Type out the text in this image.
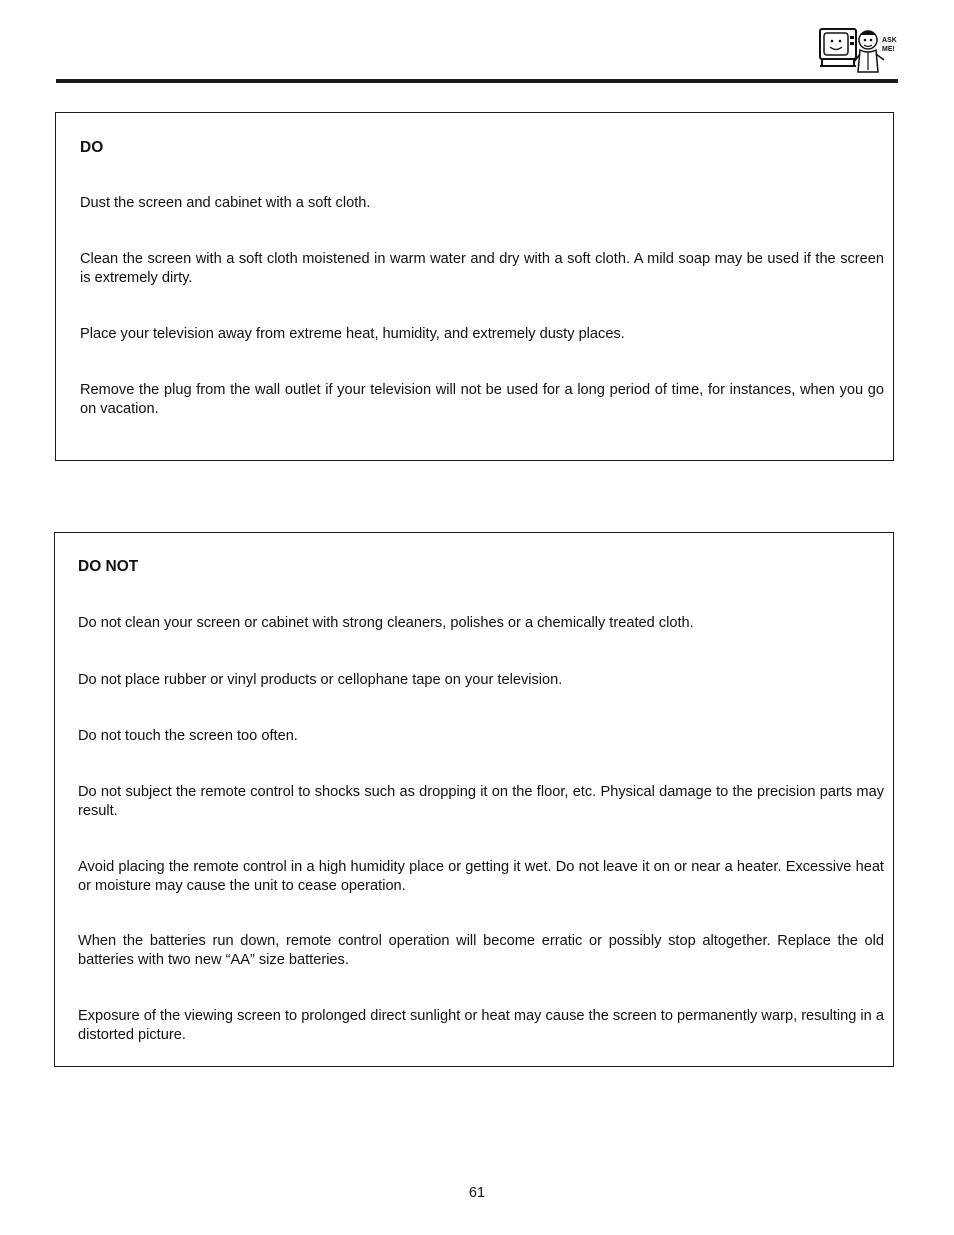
ASK
ME!
DO

Dust the screen and cabinet with a soft cloth.

Clean the screen with a soft cloth moistened in warm water and dry with a soft cloth. A mild soap may be used if the screen is extremely dirty.

Place your television away from extreme heat, humidity, and extremely dusty places.

Remove the plug from the wall outlet if your television will not be used for a long period of time, for instances, when you go on vacation.

DO NOT

Do not clean your screen or cabinet with strong cleaners, polishes or a chemically treated cloth.

Do not place rubber or vinyl products or cellophane tape on your television.

Do not touch the screen too often.

Do not subject the remote control to shocks such as dropping it on the floor, etc. Physical damage to the precision parts may result.

Avoid placing the remote control in a high humidity place or getting it wet. Do not leave it on or near a heater. Excessive heat or moisture may cause the unit to cease operation.

When the batteries run down, remote control operation will become erratic or possibly stop altogether. Replace the old batteries with two new “AA” size batteries.

Exposure of the viewing screen to prolonged direct sunlight or heat may cause the screen to permanently warp, resulting in a distorted picture.

61
